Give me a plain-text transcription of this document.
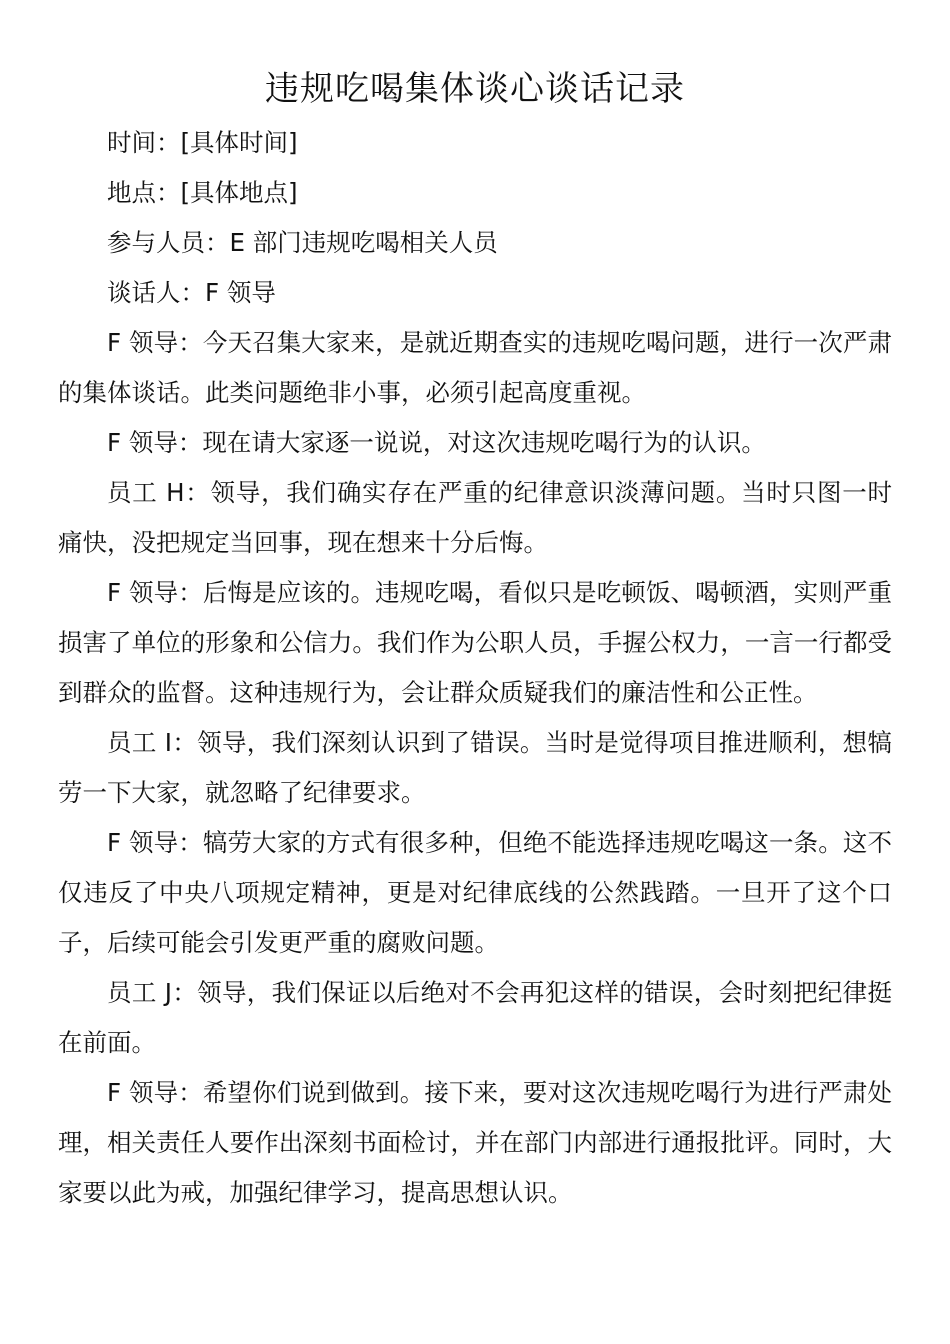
违规吃喝集体谈心谈话记录

时间：[具体时间]

地点：[具体地点]

参与人员：E 部门违规吃喝相关人员

谈话人：F 领导

F 领导：今天召集大家来，是就近期查实的违规吃喝问题，进行一次严肃的集体谈话。此类问题绝非小事，必须引起高度重视。

F 领导：现在请大家逐一说说，对这次违规吃喝行为的认识。

员工 H：领导，我们确实存在严重的纪律意识淡薄问题。当时只图一时痛快，没把规定当回事，现在想来十分后悔。

F 领导：后悔是应该的。违规吃喝，看似只是吃顿饭、喝顿酒，实则严重损害了单位的形象和公信力。我们作为公职人员，手握公权力，一言一行都受到群众的监督。这种违规行为，会让群众质疑我们的廉洁性和公正性。

员工 I：领导，我们深刻认识到了错误。当时是觉得项目推进顺利，想犒劳一下大家，就忽略了纪律要求。

F 领导：犒劳大家的方式有很多种，但绝不能选择违规吃喝这一条。这不仅违反了中央八项规定精神，更是对纪律底线的公然践踏。一旦开了这个口子，后续可能会引发更严重的腐败问题。

员工 J：领导，我们保证以后绝对不会再犯这样的错误，会时刻把纪律挺在前面。

F 领导：希望你们说到做到。接下来，要对这次违规吃喝行为进行严肃处理，相关责任人要作出深刻书面检讨，并在部门内部进行通报批评。同时，大家要以此为戒，加强纪律学习，提高思想认识。
